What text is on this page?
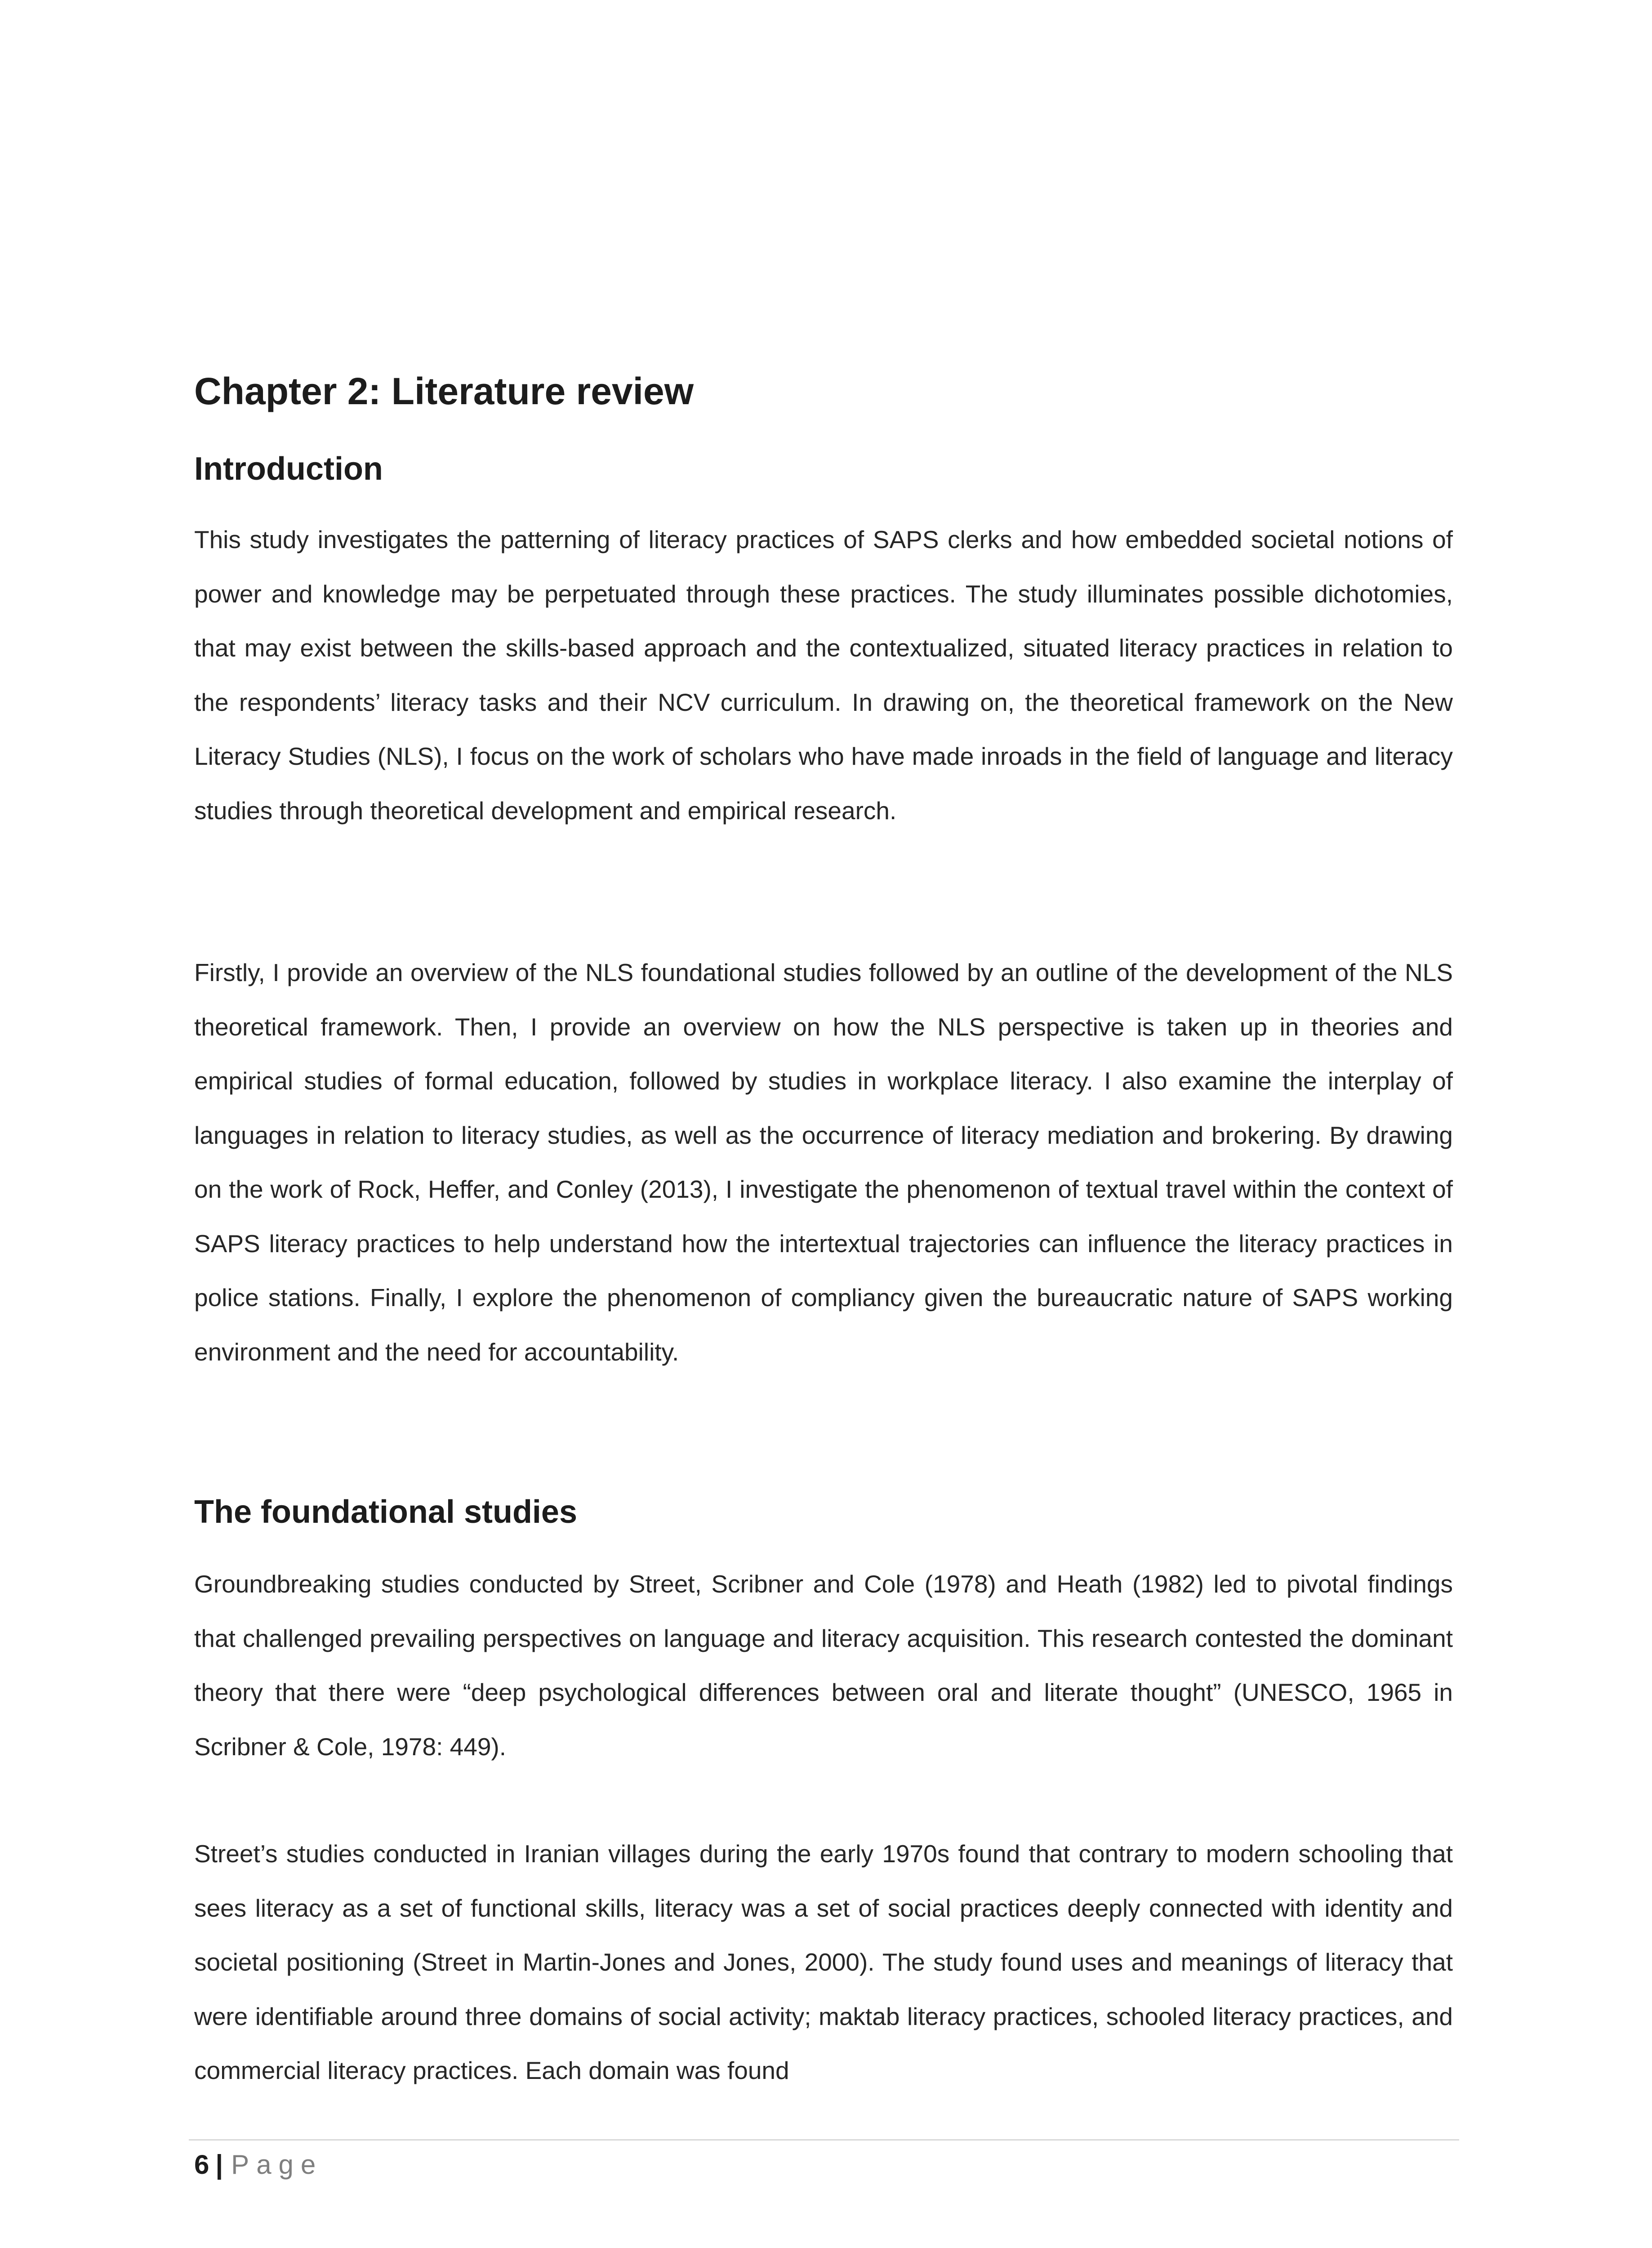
Chapter 2: Literature review
Introduction

This study investigates the patterning of literacy practices of SAPS clerks and how embedded societal notions of power and knowledge may be perpetuated through these practices. The study illuminates possible dichotomies, that may exist between the skills-based approach and the contextualized, situated literacy practices in relation to the respondents’ literacy tasks and their NCV curriculum. In drawing on, the theoretical framework on the New Literacy Studies (NLS), I focus on the work of scholars who have made inroads in the field of language and literacy studies through theoretical development and empirical research.

Firstly, I provide an overview of the NLS foundational studies followed by an outline of the development of the NLS theoretical framework. Then, I provide an overview on how the NLS perspective is taken up in theories and empirical studies of formal education, followed by studies in workplace literacy. I also examine the interplay of languages in relation to literacy studies, as well as the occurrence of literacy mediation and brokering. By drawing on the work of Rock, Heffer, and Conley (2013), I investigate the phenomenon of textual travel within the context of SAPS literacy practices to help understand how the intertextual trajectories can influence the literacy practices in police stations. Finally, I explore the phenomenon of compliancy given the bureaucratic nature of SAPS working environment and the need for accountability.

The foundational studies

Groundbreaking studies conducted by Street, Scribner and Cole (1978) and Heath (1982) led to pivotal findings that challenged prevailing perspectives on language and literacy acquisition. This research contested the dominant theory that there were “deep psychological differences between oral and literate thought” (UNESCO, 1965 in Scribner & Cole, 1978: 449).

Street’s studies conducted in Iranian villages during the early 1970s found that contrary to modern schooling that sees literacy as a set of functional skills, literacy was a set of social practices deeply connected with identity and societal positioning (Street in Martin-Jones and Jones, 2000). The study found uses and meanings of literacy that were identifiable around three domains of social activity; maktab literacy practices, schooled literacy practices, and commercial literacy practices. Each domain was found

6 | Page
